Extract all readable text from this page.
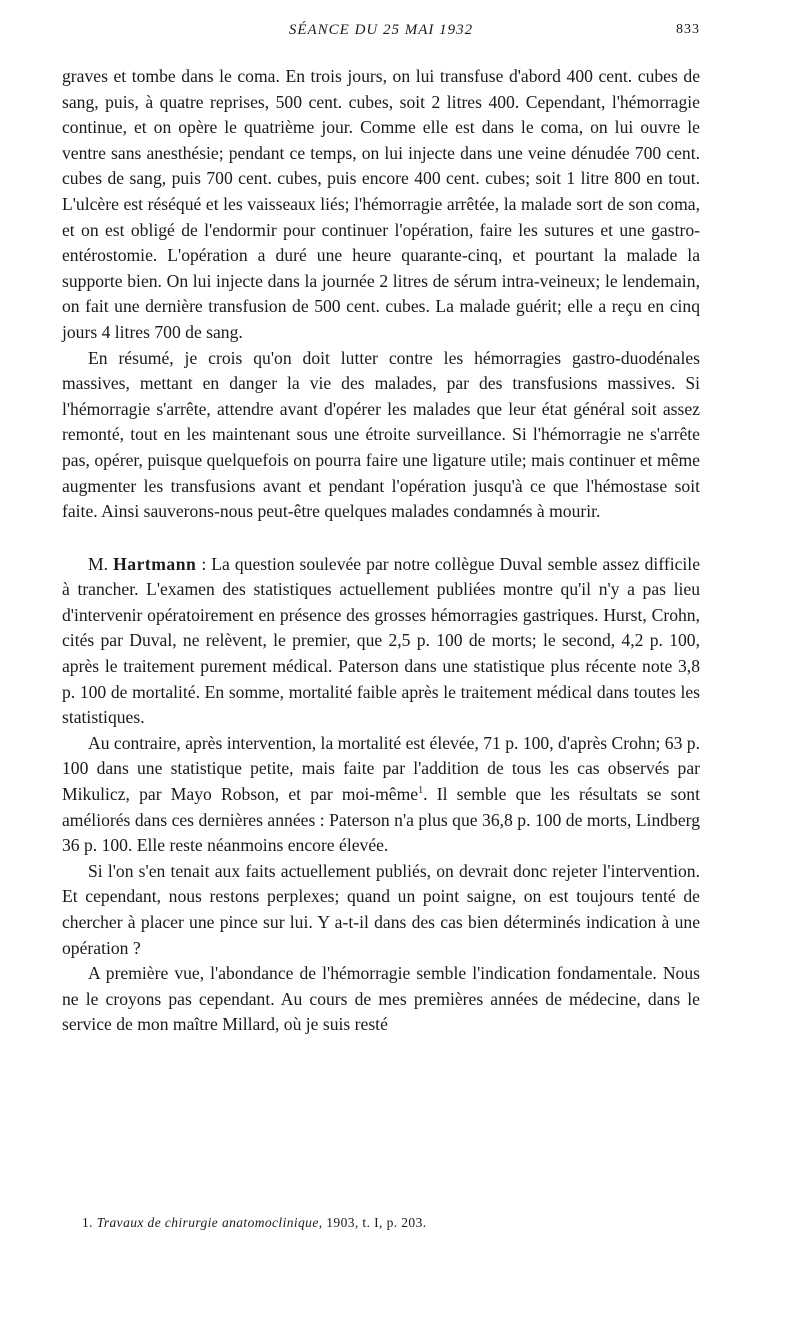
SÉANCE DU 25 MAI 1932	833

graves et tombe dans le coma. En trois jours, on lui transfuse d'abord 400 cent. cubes de sang, puis, à quatre reprises, 500 cent. cubes, soit 2 litres 400. Cependant, l'hémorragie continue, et on opère le quatrième jour. Comme elle est dans le coma, on lui ouvre le ventre sans anesthésie; pendant ce temps, on lui injecte dans une veine dénudée 700 cent. cubes de sang, puis 700 cent. cubes, puis encore 400 cent. cubes; soit 1 litre 800 en tout. L'ulcère est réséqué et les vaisseaux liés; l'hémorragie arrêtée, la malade sort de son coma, et on est obligé de l'endormir pour continuer l'opération, faire les sutures et une gastro-entérostomie. L'opération a duré une heure quarante-cinq, et pourtant la malade la supporte bien. On lui injecte dans la journée 2 litres de sérum intra-veineux; le lendemain, on fait une dernière transfusion de 500 cent. cubes. La malade guérit; elle a reçu en cinq jours 4 litres 700 de sang.

En résumé, je crois qu'on doit lutter contre les hémorragies gastro-duodénales massives, mettant en danger la vie des malades, par des transfusions massives. Si l'hémorragie s'arrête, attendre avant d'opérer les malades que leur état général soit assez remonté, tout en les maintenant sous une étroite surveillance. Si l'hémorragie ne s'arrête pas, opérer, puisque quelquefois on pourra faire une ligature utile; mais continuer et même augmenter les transfusions avant et pendant l'opération jusqu'à ce que l'hémostase soit faite. Ainsi sauverons-nous peut-être quelques malades condamnés à mourir.

M. Hartmann : La question soulevée par notre collègue Duval semble assez difficile à trancher. L'examen des statistiques actuellement publiées montre qu'il n'y a pas lieu d'intervenir opératoirement en présence des grosses hémorragies gastriques. Hurst, Crohn, cités par Duval, ne relèvent, le premier, que 2,5 p. 100 de morts; le second, 4,2 p. 100, après le traitement purement médical. Paterson dans une statistique plus récente note 3,8 p. 100 de mortalité. En somme, mortalité faible après le traitement médical dans toutes les statistiques.

Au contraire, après intervention, la mortalité est élevée, 71 p. 100, d'après Crohn; 63 p. 100 dans une statistique petite, mais faite par l'addition de tous les cas observés par Mikulicz, par Mayo Robson, et par moi-même$^1$. Il semble que les résultats se sont améliorés dans ces dernières années : Paterson n'a plus que 36,8 p. 100 de morts, Lindberg 36 p. 100. Elle reste néanmoins encore élevée.

Si l'on s'en tenait aux faits actuellement publiés, on devrait donc rejeter l'intervention. Et cependant, nous restons perplexes; quand un point saigne, on est toujours tenté de chercher à placer une pince sur lui. Y a-t-il dans des cas bien déterminés indication à une opération ?

A première vue, l'abondance de l'hémorragie semble l'indication fondamentale. Nous ne le croyons pas cependant. Au cours de mes premières années de médecine, dans le service de mon maître Millard, où je suis resté

1. Travaux de chirurgie anatomoclinique, 1903, t. I, p. 203.
